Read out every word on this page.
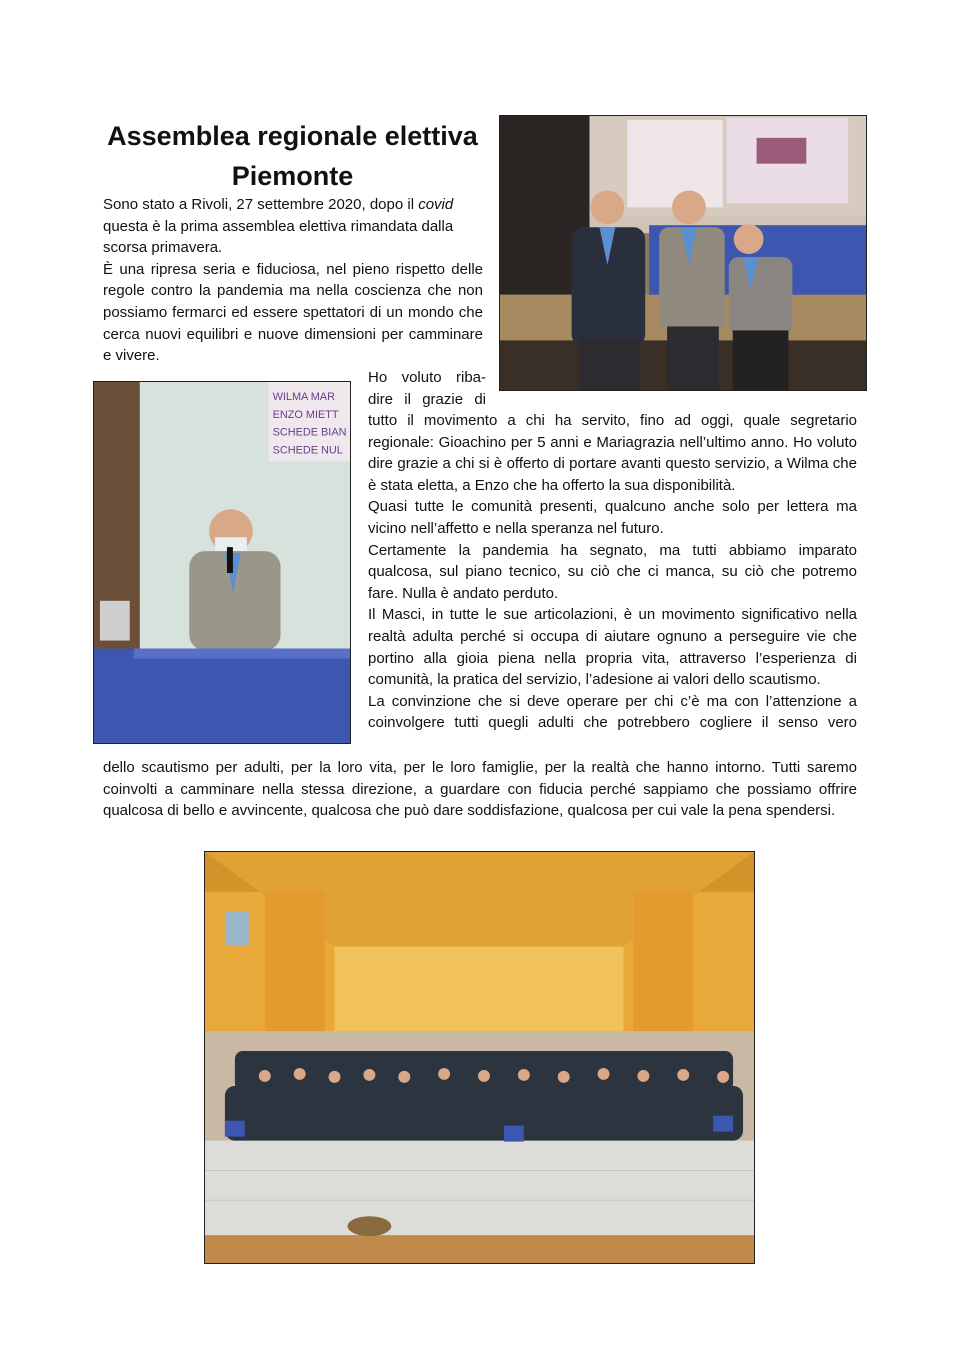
Assemblea regionale elettiva
Piemonte

Sono stato a Rivoli, 27 settembre 2020, dopo il covid questa è la prima assemblea elettiva rimandata dalla scorsa primavera.

È una ripresa seria e fiduciosa, nel pieno rispetto delle regole contro la pandemia ma nella coscienza che non possiamo fermarci ed essere spettatori di un mondo che cerca nuovi equilibri e nuove dimensioni per camminare e vivere.

Ho voluto riba-

dire il grazie di

WILMA MAR
ENZO MIETT
SCHEDE BIAN
SCHEDE NUL

tutto il movimento a chi ha servito, fino ad oggi, quale segretario regionale: Gioachino per 5 anni e Mariagrazia nell’ultimo anno. Ho voluto dire grazie a chi si è offerto di portare avanti questo servizio, a Wilma che è stata eletta, a Enzo che ha offerto la sua disponibilità.

Quasi tutte le comunità presenti, qualcuno anche solo per lettera ma vicino nell’affetto e nella speranza nel futuro.

Certamente la pandemia ha segnato, ma tutti abbiamo imparato qualcosa, sul piano tecnico, su ciò che ci manca, su ciò che potremo fare. Nulla è andato perduto.

Il Masci, in tutte le sue articolazioni, è un movimento significativo nella realtà adulta perché si occupa di aiutare ognuno a perseguire vie che portino alla gioia piena nella propria vita, attraverso l’esperienza di comunità, la pratica del servizio, l’adesione ai valori dello scautismo.

La convinzione che si deve operare per chi c’è ma con l’attenzione a

coinvolgere tutti quegli adulti che potrebbero cogliere il senso vero

dello scautismo per adulti, per la loro vita, per le loro famiglie, per la realtà che hanno intorno. Tutti saremo coinvolti a camminare nella stessa direzione, a guardare con fiducia perché sappiamo che possiamo offrire qualcosa di bello e avvincente, qualcosa che può dare soddisfazione, qualcosa per cui vale la pena spendersi.
